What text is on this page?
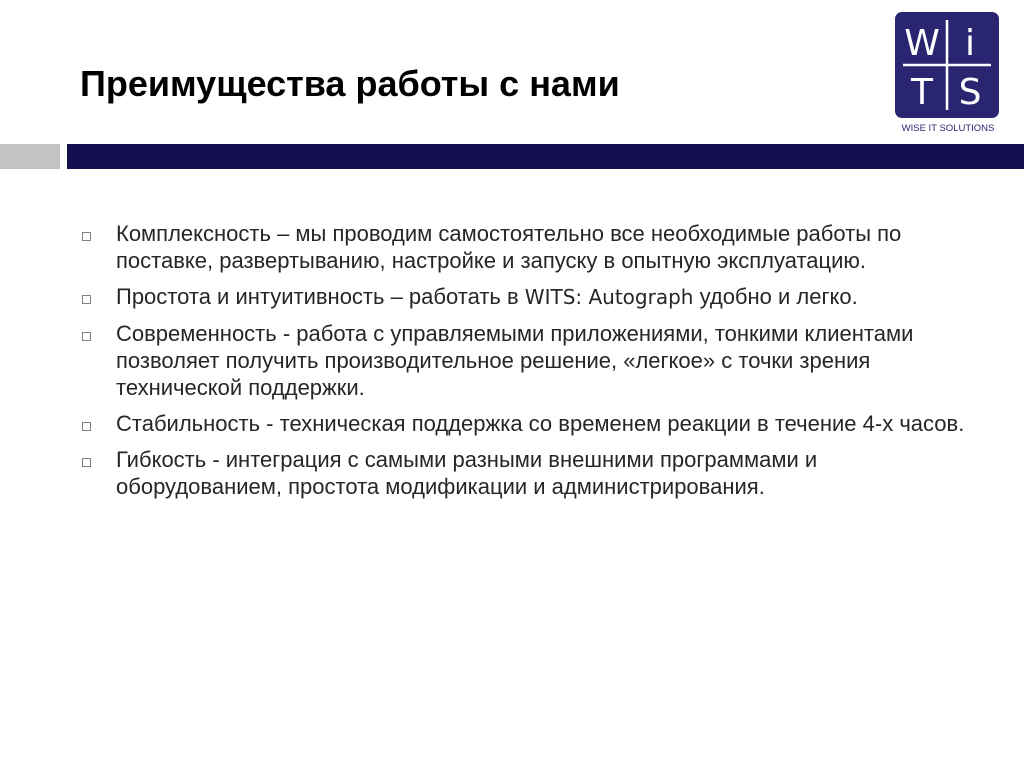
Преимущества работы с нами
W i
T S
WISE IT SOLUTIONS
Комплексность – мы проводим самостоятельно все необходимые работы по поставке, развертыванию, настройке и запуску в опытную эксплуатацию.
Простота и интуитивность – работать в WITS: Autograph удобно и легко.
Современность - работа с управляемыми приложениями, тонкими клиентами позволяет получить производительное решение, «легкое» с точки зрения технической поддержки.
Стабильность - техническая поддержка со временем реакции в течение 4-х часов.
Гибкость - интеграция с самыми разными внешними программами и оборудованием, простота модификации и администрирования.
